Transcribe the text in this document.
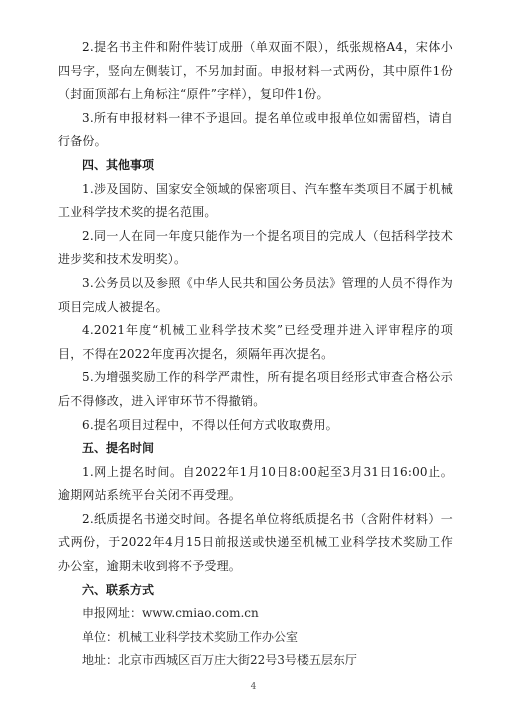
2.提名书主件和附件装订成册（单双面不限），纸张规格A4，宋体小四号字，竖向左侧装订，不另加封面。申报材料一式两份，其中原件1份（封面顶部右上角标注“原件”字样），复印件1份。

3.所有申报材料一律不予退回。提名单位或申报单位如需留档，请自行备份。

四、其他事项

1.涉及国防、国家安全领域的保密项目、汽车整车类项目不属于机械工业科学技术奖的提名范围。

2.同一人在同一年度只能作为一个提名项目的完成人（包括科学技术进步奖和技术发明奖）。

3.公务员以及参照《中华人民共和国公务员法》管理的人员不得作为项目完成人被提名。

4.2021年度“机械工业科学技术奖”已经受理并进入评审程序的项目，不得在2022年度再次提名，须隔年再次提名。

5.为增强奖励工作的科学严肃性，所有提名项目经形式审查合格公示后不得修改，进入评审环节不得撤销。

6.提名项目过程中，不得以任何方式收取费用。

五、提名时间

1.网上提名时间。自2022年1月10日8:00起至3月31日16:00止。逾期网站系统平台关闭不再受理。

2.纸质提名书递交时间。各提名单位将纸质提名书（含附件材料）一式两份，于2022年4月15日前报送或快递至机械工业科学技术奖励工作办公室，逾期未收到将不予受理。

六、联系方式

申报网址：www.cmiao.com.cn

单位：机械工业科学技术奖励工作办公室

地址：北京市西城区百万庄大街22号3号楼五层东厅

4
